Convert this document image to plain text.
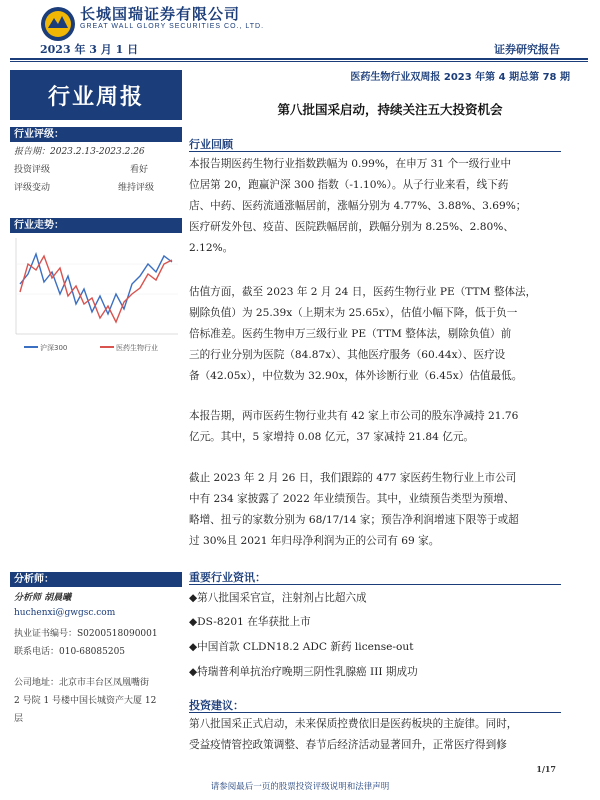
长城国瑞证券有限公司
GREAT WALL GLORY SECURITIES CO., LTD.
2023 年 3 月 1 日	证券研究报告
医药生物行业双周报 2023 年第 4 期总第 78 期
行业周报
行业评级：
报告期：2023.2.13-2023.2.26
投资评级	看好
评级变动	维持评级
行业走势：
沪深300	医药生物行业
分析师：
分析师 胡晨曦
huchenxi@gwgsc.com
执业证书编号：S0200518090001
联系电话：010-68085205
公司地址：北京市丰台区凤凰嘴街
2 号院 1 号楼中国长城资产大厦 12
层
第八批国采启动，持续关注五大投资机会
行业回顾
本报告期医药生物行业指数跌幅为 0.99%，在申万 31 个一级行业中
位居第 20，跑赢沪深 300 指数（-1.10%）。从子行业来看，线下药
店、中药、医药流通涨幅居前，涨幅分别为 4.77%、3.88%、3.69%；
医疗研发外包、疫苗、医院跌幅居前，跌幅分别为 8.25%、2.80%、
2.12%。
估值方面，截至 2023 年 2 月 24 日，医药生物行业 PE（TTM 整体法，
剔除负值）为 25.39x（上期末为 25.65x），估值小幅下降，低于负一
倍标准差。医药生物申万三级行业 PE（TTM 整体法，剔除负值）前
三的行业分别为医院（84.87x）、其他医疗服务（60.44x）、医疗设
备（42.05x），中位数为 32.90x，体外诊断行业（6.45x）估值最低。
本报告期，两市医药生物行业共有 42 家上市公司的股东净减持 21.76
亿元。其中，5 家增持 0.08 亿元，37 家减持 21.84 亿元。
截止 2023 年 2 月 26 日，我们跟踪的 477 家医药生物行业上市公司
中有 234 家披露了 2022 年业绩预告。其中，业绩预告类型为预增、
略增、扭亏的家数分别为 68/17/14 家；预告净利润增速下限等于或超
过 30%且 2021 年归母净利润为正的公司有 69 家。
重要行业资讯：
◆第八批国采官宣，注射剂占比超六成
◆DS-8201 在华获批上市
◆中国首款 CLDN18.2 ADC 新药 license-out
◆特瑞普利单抗治疗晚期三阴性乳腺癌 III 期成功
投资建议：
第八批国采正式启动，未来保质控费依旧是医药板块的主旋律。同时，
受益疫情管控政策调整、春节后经济活动显著回升，正常医疗得到修
1/17
请参阅最后一页的股票投资评级说明和法律声明
